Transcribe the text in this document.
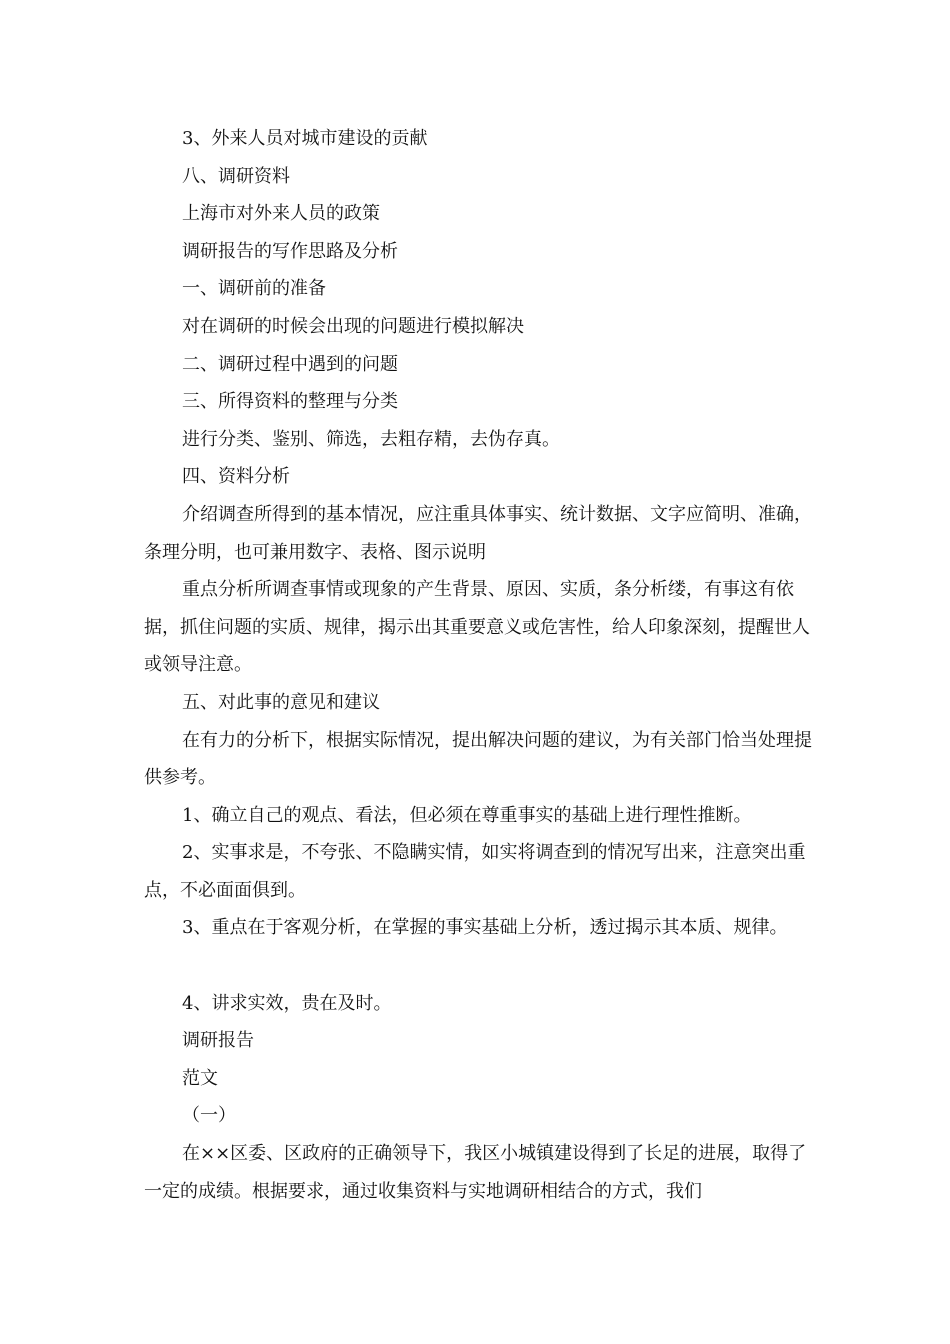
3、外来人员对城市建设的贡献

八、调研资料

上海市对外来人员的政策

调研报告的写作思路及分析

一、调研前的准备

对在调研的时候会出现的问题进行模拟解决

二、调研过程中遇到的问题

三、所得资料的整理与分类

进行分类、鉴别、筛选，去粗存精，去伪存真。

四、资料分析

介绍调查所得到的基本情况，应注重具体事实、统计数据、文字应简明、准确，条理分明，也可兼用数字、表格、图示说明

重点分析所调查事情或现象的产生背景、原因、实质，条分析缕，有事这有依据，抓住问题的实质、规律，揭示出其重要意义或危害性，给人印象深刻，提醒世人或领导注意。

五、对此事的意见和建议

在有力的分析下，根据实际情况，提出解决问题的建议，为有关部门恰当处理提供参考。

1、确立自己的观点、看法，但必须在尊重事实的基础上进行理性推断。

2、实事求是，不夸张、不隐瞒实情，如实将调查到的情况写出来，注意突出重点，不必面面俱到。

3、重点在于客观分析，在掌握的事实基础上分析，透过揭示其本质、规律。

4、讲求实效，贵在及时。

调研报告

范文

（一）

在××区委、区政府的正确领导下，我区小城镇建设得到了长足的进展，取得了一定的成绩。根据要求，通过收集资料与实地调研相结合的方式，我们
